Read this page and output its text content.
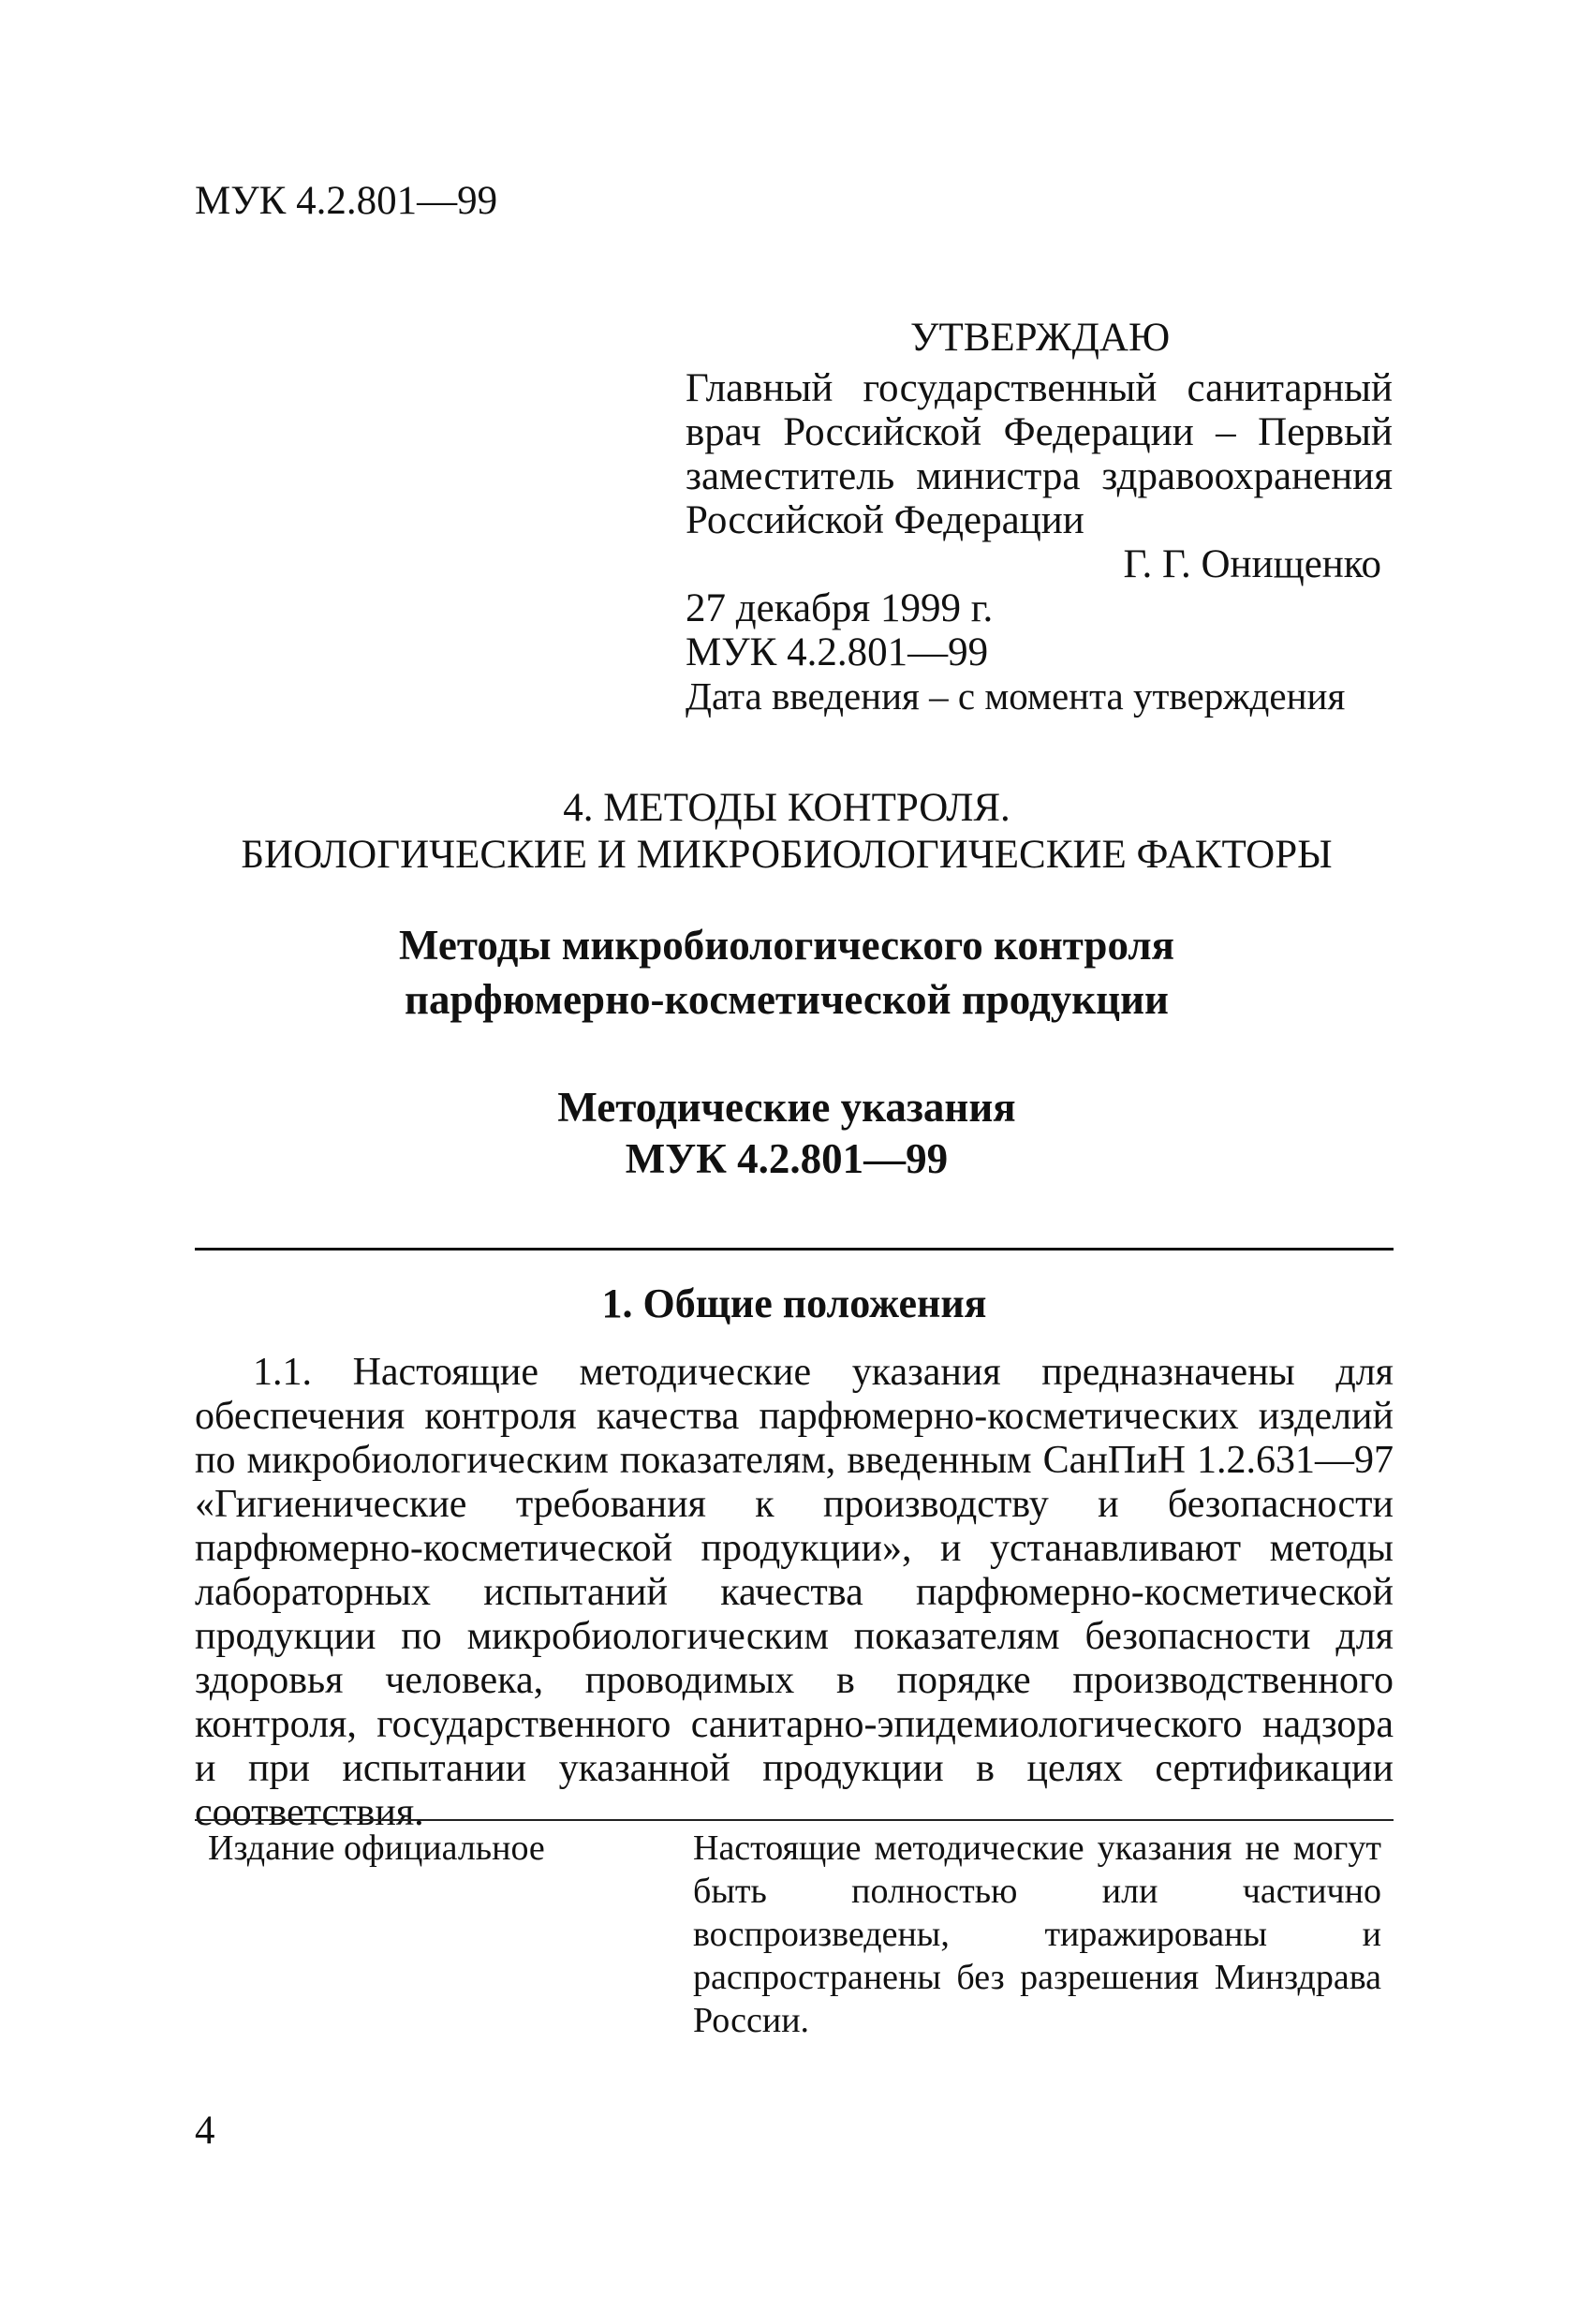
МУК 4.2.801—99
УТВЕРЖДАЮ
Главный государственный санитарный врач Российской Федерации – Первый заместитель министра здравоохранения Российской Федерации
Г. Г. Онищенко
27 декабря 1999 г.
МУК 4.2.801—99
Дата введения – с момента утверждения
4. МЕТОДЫ КОНТРОЛЯ.
БИОЛОГИЧЕСКИЕ И МИКРОБИОЛОГИЧЕСКИЕ ФАКТОРЫ
Методы микробиологического контроля
парфюмерно-косметической продукции
Методические указания
МУК 4.2.801—99
1. Общие положения

1.1. Настоящие методические указания предназначены для обеспечения контроля качества парфюмерно-косметических изделий по микробиологическим показателям, введенным СанПиН 1.2.631—97 «Гигиенические требования к производству и безопасности парфюмерно-косметической продукции», и устанавливают методы лабораторных испытаний качества парфюмерно-косметической продукции по микробиологическим показателям безопасности для здоровья человека, проводимых в порядке производственного контроля, государственного санитарно-эпидемиологического надзора и при испытании указанной продукции в целях сертификации соответствия.

Издание официальное	Настоящие методические указания не могут быть полностью или частично воспроизведены, тиражированы и распространены без разрешения Минздрава России.

4
